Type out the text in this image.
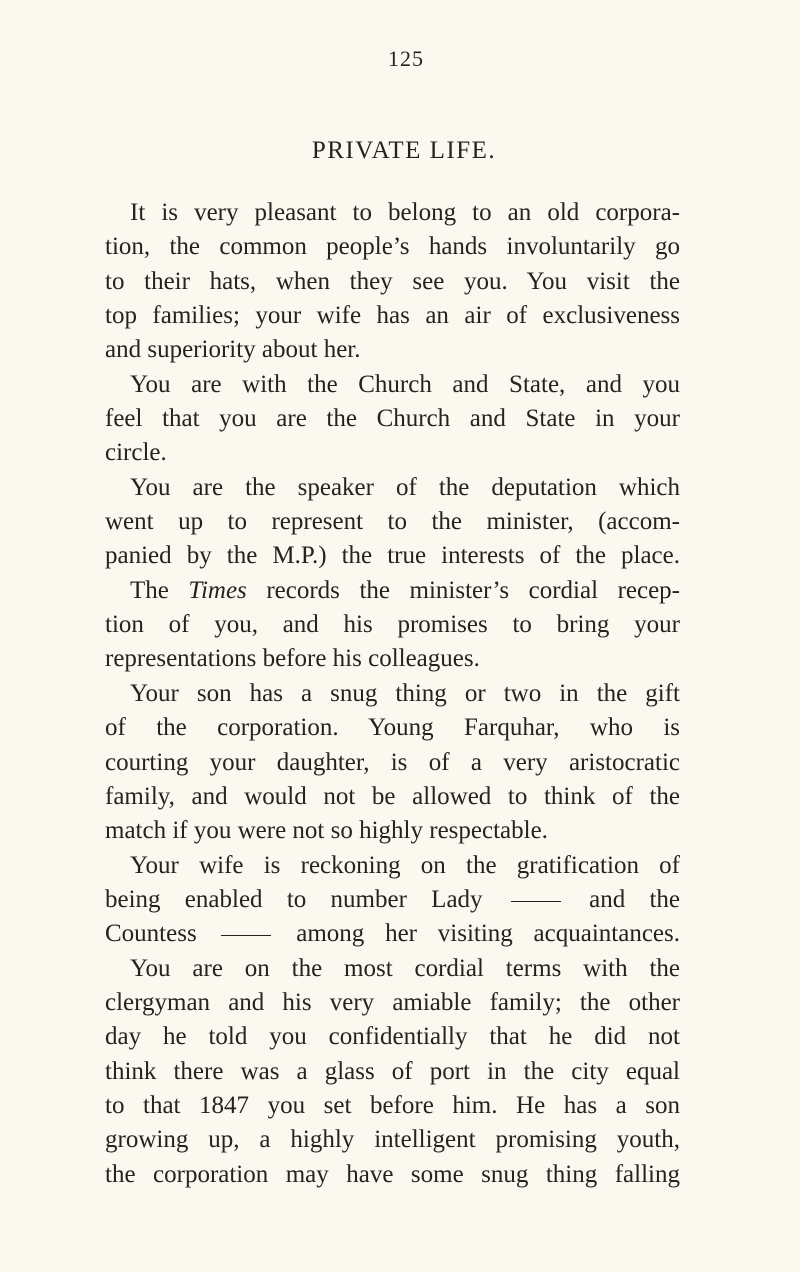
125
PRIVATE LIFE.
It is very pleasant to belong to an old corpora-
tion, the common people’s hands involuntarily go
to their hats, when they see you. You visit the
top families; your wife has an air of exclusiveness
and superiority about her.
You are with the Church and State, and you
feel that you are the Church and State in your
circle.
You are the speaker of the deputation which
went up to represent to the minister, (accom-
panied by the M.P.) the true interests of the place.
The Times records the minister’s cordial recep-
tion of you, and his promises to bring your
representations before his colleagues.
Your son has a snug thing or two in the gift
of the corporation. Young Farquhar, who is
courting your daughter, is of a very aristocratic
family, and would not be allowed to think of the
match if you were not so highly respectable.
Your wife is reckoning on the gratification of
being enabled to number Lady	and the
Countess	among her visiting acquaintances.
You are on the most cordial terms with the
clergyman and his very amiable family; the other
day he told you confidentially that he did not
think there was a glass of port in the city equal
to that 1847 you set before him. He has a son
growing up, a highly intelligent promising youth,
the corporation may have some snug thing falling
